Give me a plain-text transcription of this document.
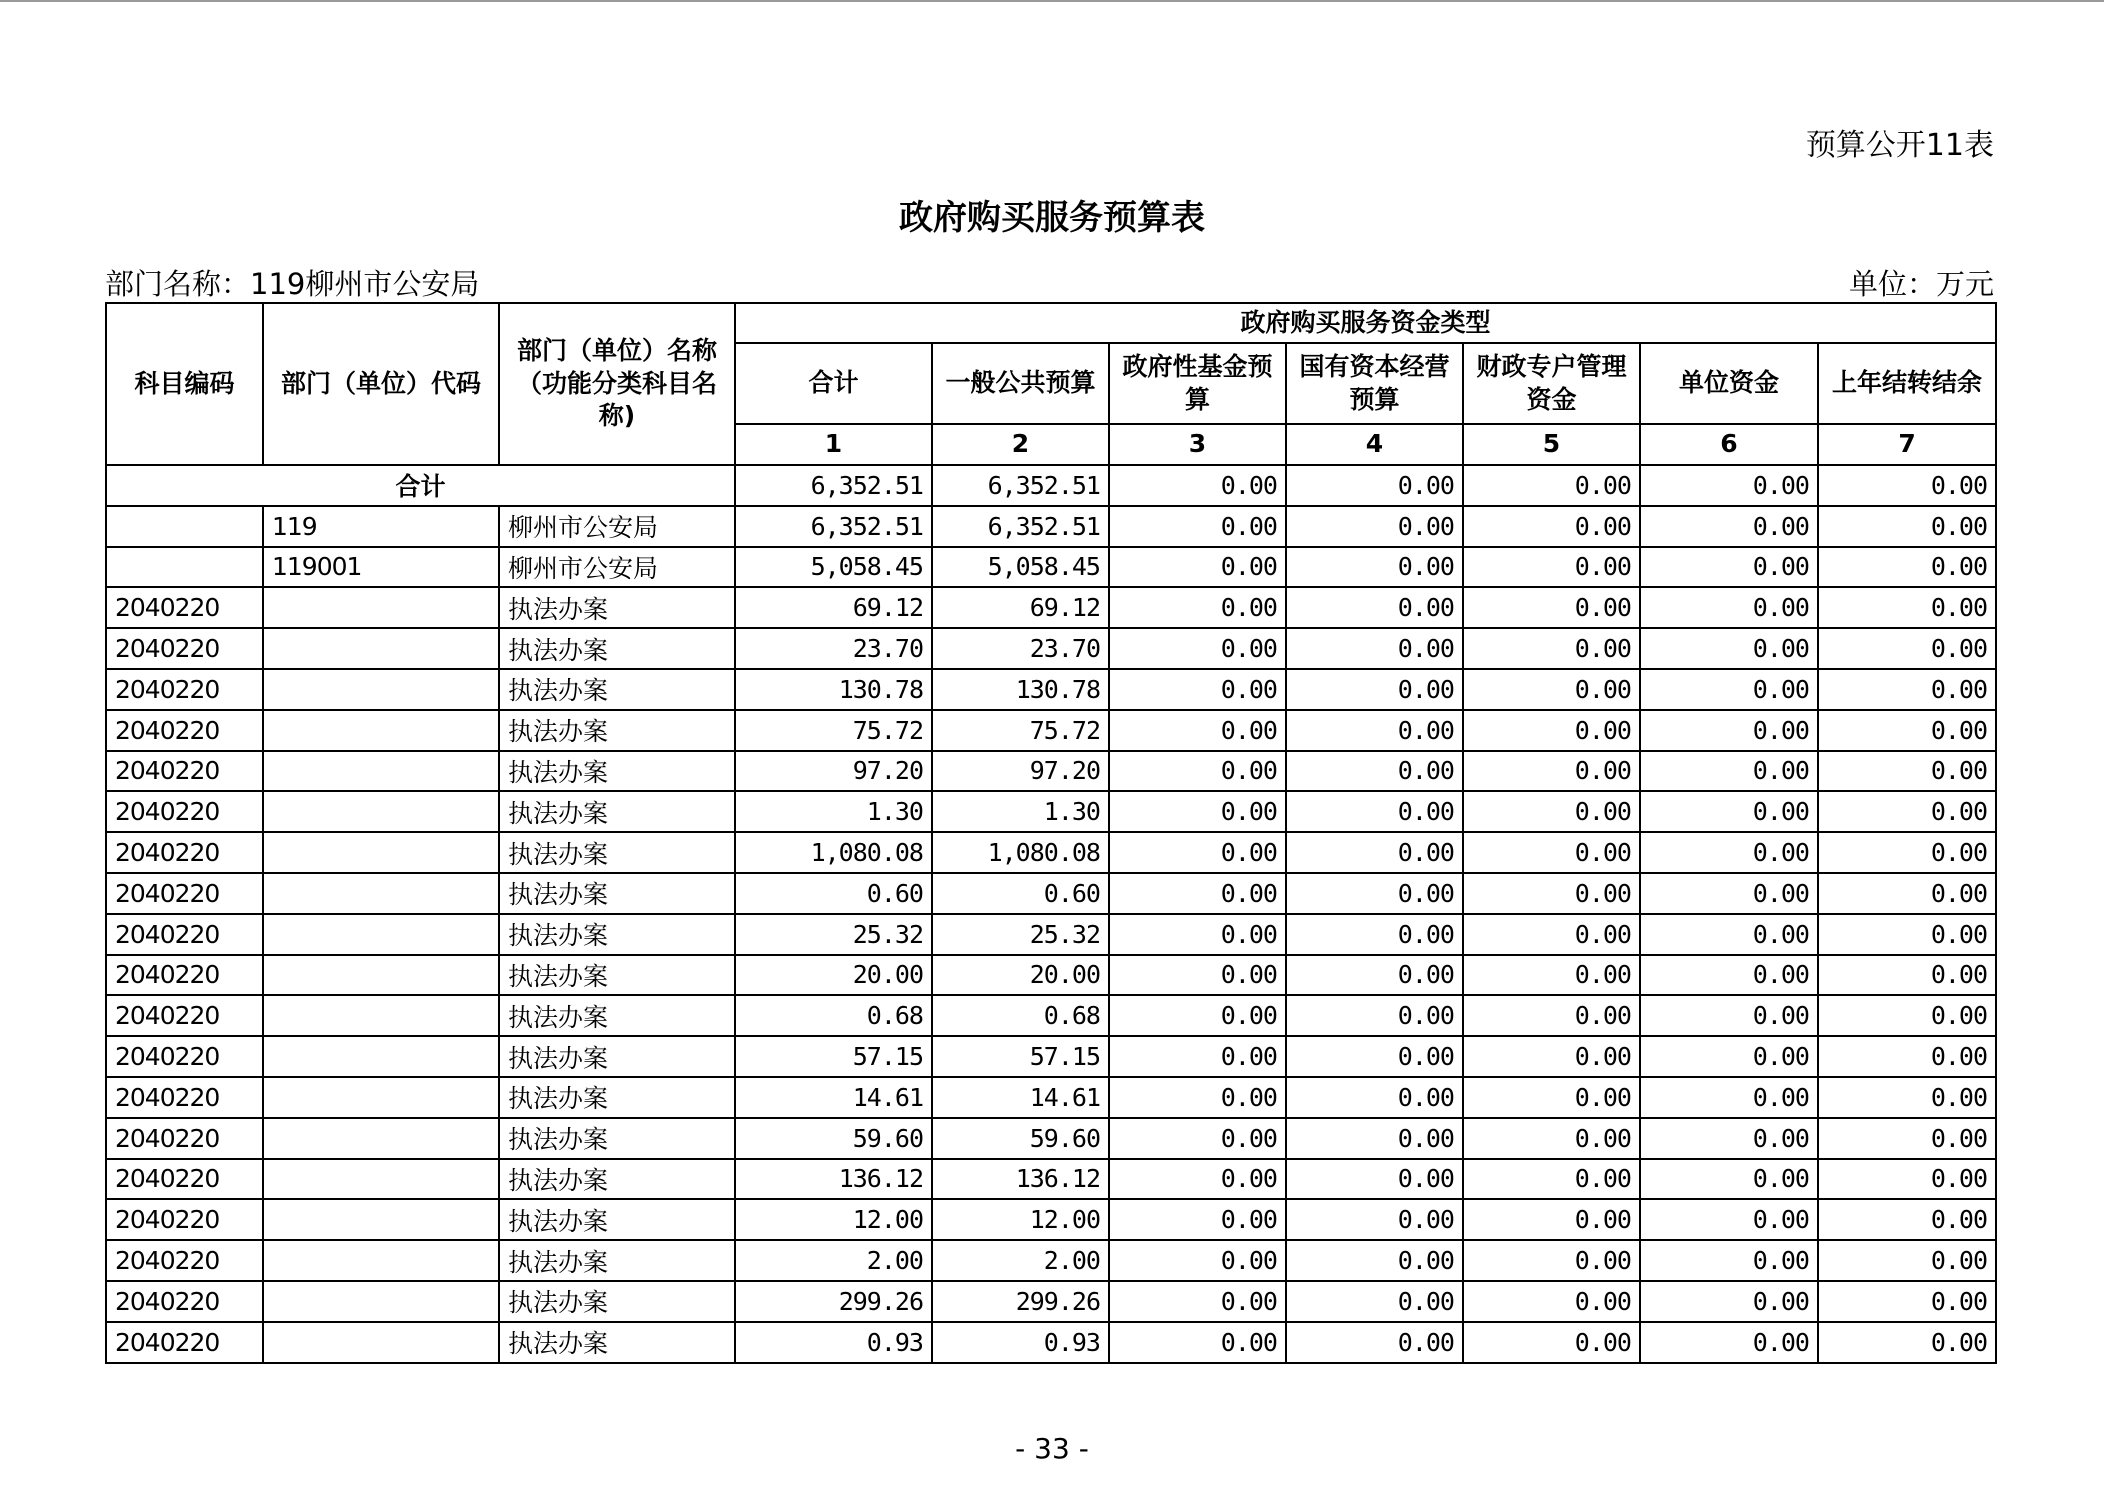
预算公开11表
政府购买服务预算表
部门名称：119柳州市公安局	单位：万元
科目编码	部门（单位）代码	部门（单位）名称（功能分类科目名称)	政府购买服务资金类型						
			合计	一般公共预算	政府性基金预算	国有资本经营预算	财政专户管理资金	单位资金	上年结转结余
			1	2	3	4	5	6	7
合计			6,352.51	6,352.51	0.00	0.00	0.00	0.00	0.00
	119	柳州市公安局	6,352.51	6,352.51	0.00	0.00	0.00	0.00	0.00
	119001	柳州市公安局	5,058.45	5,058.45	0.00	0.00	0.00	0.00	0.00
2040220		执法办案	69.12	69.12	0.00	0.00	0.00	0.00	0.00
2040220		执法办案	23.70	23.70	0.00	0.00	0.00	0.00	0.00
2040220		执法办案	130.78	130.78	0.00	0.00	0.00	0.00	0.00
2040220		执法办案	75.72	75.72	0.00	0.00	0.00	0.00	0.00
2040220		执法办案	97.20	97.20	0.00	0.00	0.00	0.00	0.00
2040220		执法办案	1.30	1.30	0.00	0.00	0.00	0.00	0.00
2040220		执法办案	1,080.08	1,080.08	0.00	0.00	0.00	0.00	0.00
2040220		执法办案	0.60	0.60	0.00	0.00	0.00	0.00	0.00
2040220		执法办案	25.32	25.32	0.00	0.00	0.00	0.00	0.00
2040220		执法办案	20.00	20.00	0.00	0.00	0.00	0.00	0.00
2040220		执法办案	0.68	0.68	0.00	0.00	0.00	0.00	0.00
2040220		执法办案	57.15	57.15	0.00	0.00	0.00	0.00	0.00
2040220		执法办案	14.61	14.61	0.00	0.00	0.00	0.00	0.00
2040220		执法办案	59.60	59.60	0.00	0.00	0.00	0.00	0.00
2040220		执法办案	136.12	136.12	0.00	0.00	0.00	0.00	0.00
2040220		执法办案	12.00	12.00	0.00	0.00	0.00	0.00	0.00
2040220		执法办案	2.00	2.00	0.00	0.00	0.00	0.00	0.00
2040220		执法办案	299.26	299.26	0.00	0.00	0.00	0.00	0.00
2040220		执法办案	0.93	0.93	0.00	0.00	0.00	0.00	0.00
- 33 -
